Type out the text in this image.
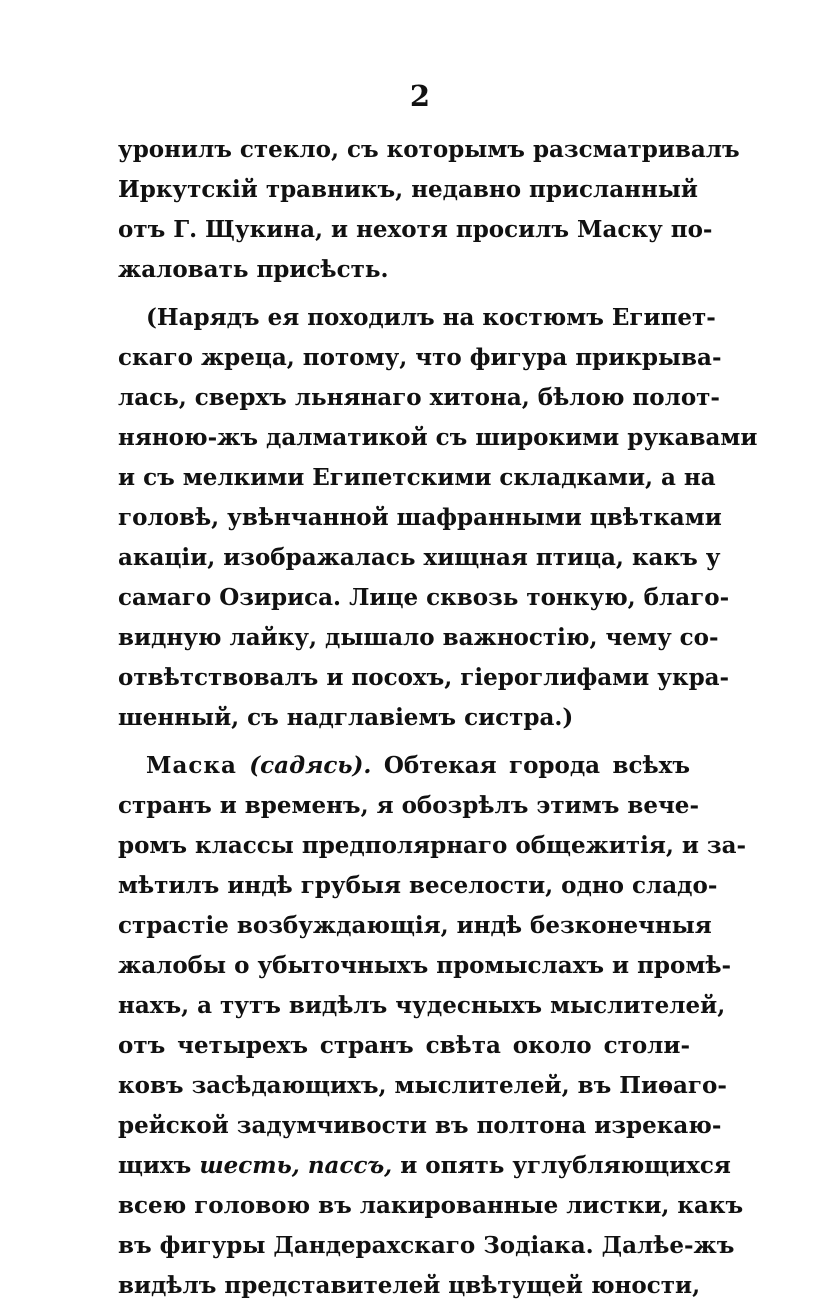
2
уронилъ стекло, съ которымъ разсматривалъ
Иркутскій травникъ, недавно присланный
отъ Г. Щукина, и нехотя просилъ Маску по-
жаловать присѣсть.
(Нарядъ ея походилъ на костюмъ Египет-
скаго жреца, потому, что фигура прикрыва-
лась, сверхъ льнянаго хитона, бѣлою полот-
няною-жъ далматикой съ широкими рукавами
и съ мелкими Египетскими складками, а на
головѣ, увѣнчанной шафранными цвѣтками
акаціи, изображалась хищная птица, какъ у
самаго Озириса. Лице сквозь тонкую, благо-
видную лайку, дышало важностію, чему со-
отвѣтствовалъ и посохъ, гіероглифами укра-
шенный, съ надглавіемъ систра.)
Маска (садясь). Обтекая города всѣхъ
странъ и временъ, я обозрѣлъ этимъ вече-
ромъ классы предполярнаго общежитія, и за-
мѣтилъ индѣ грубыя веселости, одно сладо-
страстіе возбуждающія, индѣ безконечныя
жалобы о убыточныхъ промыслахъ и промѣ-
нахъ, а тутъ видѣлъ чудесныхъ мыслителей,
отъ четырехъ странъ свѣта около столи-
ковъ засѣдающихъ, мыслителей, въ Пиѳаго-
рейской задумчивости въ полтона изрекаю-
щихъ шесть, пассъ, и опять углубляющихся
всею головою въ лакированные листки, какъ
въ фигуры Дандерахскаго Зодіака. Далѣе-жъ
видѣлъ представителей цвѣтущей юности,
